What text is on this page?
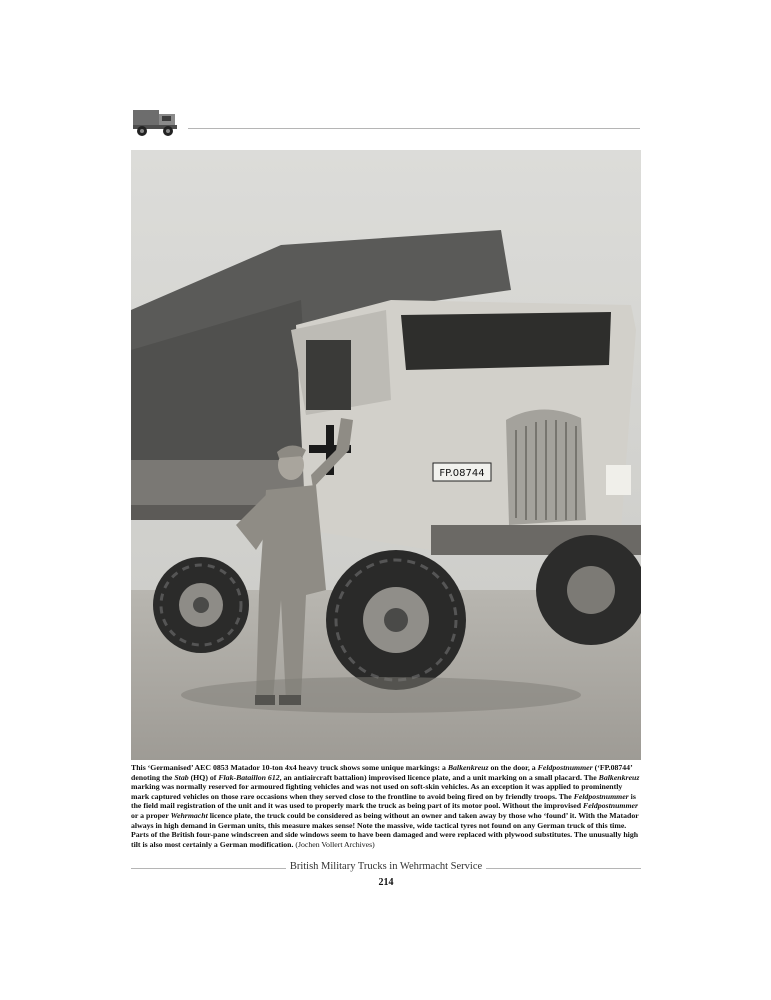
FP.08744
This ‘Germanised’ AEC 0853 Matador 10-ton 4x4 heavy truck shows some unique markings: a Balkenkreuz on the door, a Feldpostnummer (‘FP.08744’ denoting the Stab (HQ) of Flak-Bataillon 612, an antiaircraft battalion) improvised licence plate, and a unit marking on a small placard. The Balkenkreuz marking was normally reserved for armoured fighting vehicles and was not used on soft-skin vehicles. As an exception it was applied to prominently mark captured vehicles on those rare occasions when they served close to the frontline to avoid being fired on by friendly troops. The Feldpostnummer is the field mail registration of the unit and it was used to properly mark the truck as being part of its motor pool. Without the improvised Feldpostnummer or a proper Wehrmacht licence plate, the truck could be considered as being without an owner and taken away by those who ‘found’ it. With the Matador always in high demand in German units, this measure makes sense! Note the massive, wide tactical tyres not found on any German truck of this time. Parts of the British four-pane windscreen and side windows seem to have been damaged and were replaced with plywood substitutes. The unusually high tilt is also most certainly a German modification. (Jochen Vollert Archives)
British Military Trucks in Wehrmacht Service
214
